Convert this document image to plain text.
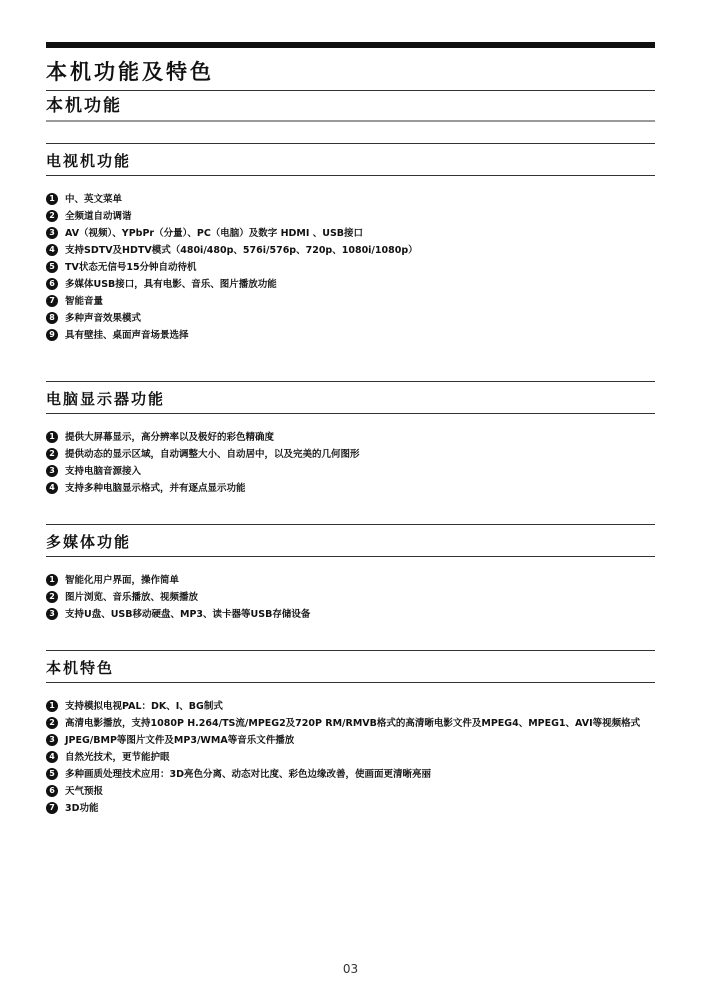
本机功能及特色
本机功能
电视机功能
1	中、英文菜单
2	全频道自动调谐
3	AV（视频）、YPbPr（分量）、PC（电脑）及数字 HDMI 、USB接口
4	支持SDTV及HDTV模式（480i/480p、576i/576p、720p、1080i/1080p）
5	TV状态无信号15分钟自动待机
6	多媒体USB接口，具有电影、音乐、图片播放功能
7	智能音量
8	多种声音效果模式
9	具有壁挂、桌面声音场景选择
电脑显示器功能
1	提供大屏幕显示，高分辨率以及极好的彩色精确度
2	提供动态的显示区域，自动调整大小、自动居中，以及完美的几何图形
3	支持电脑音源接入
4	支持多种电脑显示格式，并有逐点显示功能
多媒体功能
1	智能化用户界面，操作简单
2	图片浏览、音乐播放、视频播放
3	支持U盘、USB移动硬盘、MP3、读卡器等USB存储设备
本机特色
1	支持模拟电视PAL：DK、I、BG制式
2	高清电影播放，支持1080P H.264/TS流/MPEG2及720P RM/RMVB格式的高清晰电影文件及MPEG4、MPEG1、AVI等视频格式
3	JPEG/BMP等图片文件及MP3/WMA等音乐文件播放
4	自然光技术，更节能护眼
5	多种画质处理技术应用：3D亮色分离、动态对比度、彩色边缘改善，使画面更清晰亮丽
6	天气预报
7	3D功能
03
